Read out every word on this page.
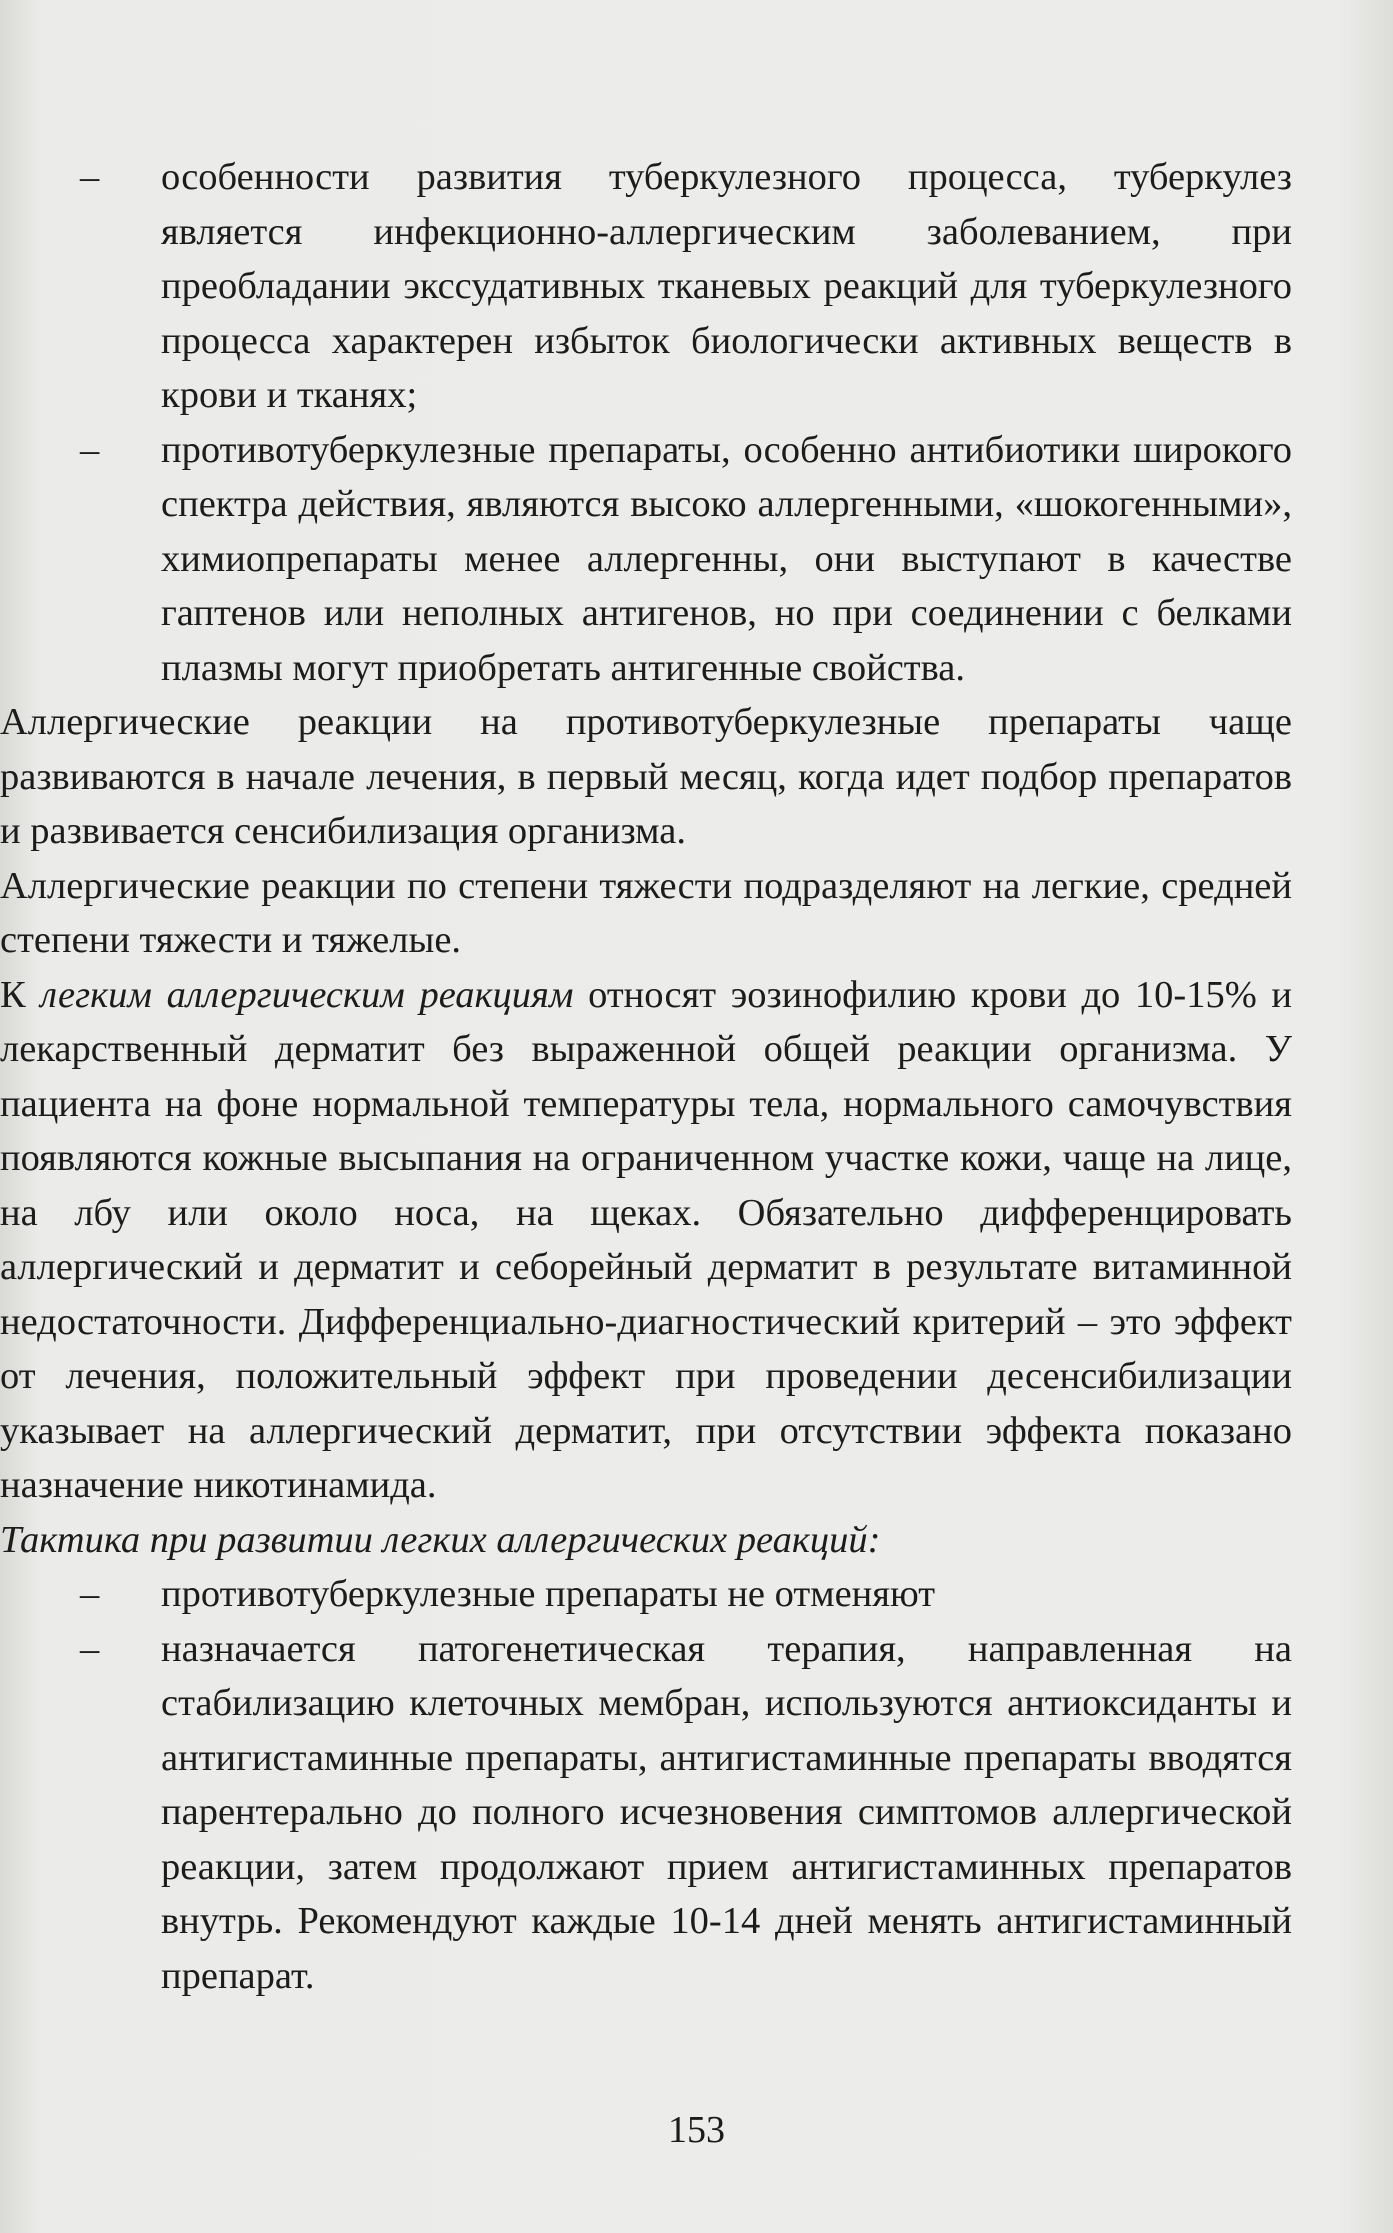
– особенности развития туберкулезного процесса, туберкулез является инфекционно-аллергическим заболеванием, при преобладании экссудативных тканевых реакций для туберкулезного процесса характерен избыток биологически активных веществ в крови и тканях;

– противотуберкулезные препараты, особенно антибиотики широкого спектра действия, являются высоко аллергенными, «шокогенными», химиопрепараты менее аллергенны, они выступают в качестве гаптенов или неполных антигенов, но при соединении с белками плазмы могут приобретать антигенные свойства.

Аллергические реакции на противотуберкулезные препараты чаще развиваются в начале лечения, в первый месяц, когда идет подбор препаратов и развивается сенсибилизация организма.

Аллергические реакции по степени тяжести подразделяют на легкие, средней степени тяжести и тяжелые.

К легким аллергическим реакциям относят эозинофилию крови до 10-15% и лекарственный дерматит без выраженной общей реакции организма. У пациента на фоне нормальной температуры тела, нормального самочувствия появляются кожные высыпания на ограниченном участке кожи, чаще на лице, на лбу или около носа, на щеках. Обязательно дифференцировать аллергический и дерматит и себорейный дерматит в результате витаминной недостаточности. Дифференциально-диагностический критерий – это эффект от лечения, положительный эффект при проведении десенсибилизации указывает на аллергический дерматит, при отсутствии эффекта показано назначение никотинамида.

Тактика при развитии легких аллергических реакций:

– противотуберкулезные препараты не отменяют

– назначается патогенетическая терапия, направленная на стабилизацию клеточных мембран, используются антиоксиданты и антигистаминные препараты, антигистаминные препараты вводятся парентерально до полного исчезновения симптомов аллергической реакции, затем продолжают прием антигистаминных препаратов внутрь. Рекомендуют каждые 10-14 дней менять антигистаминный препарат.

153
